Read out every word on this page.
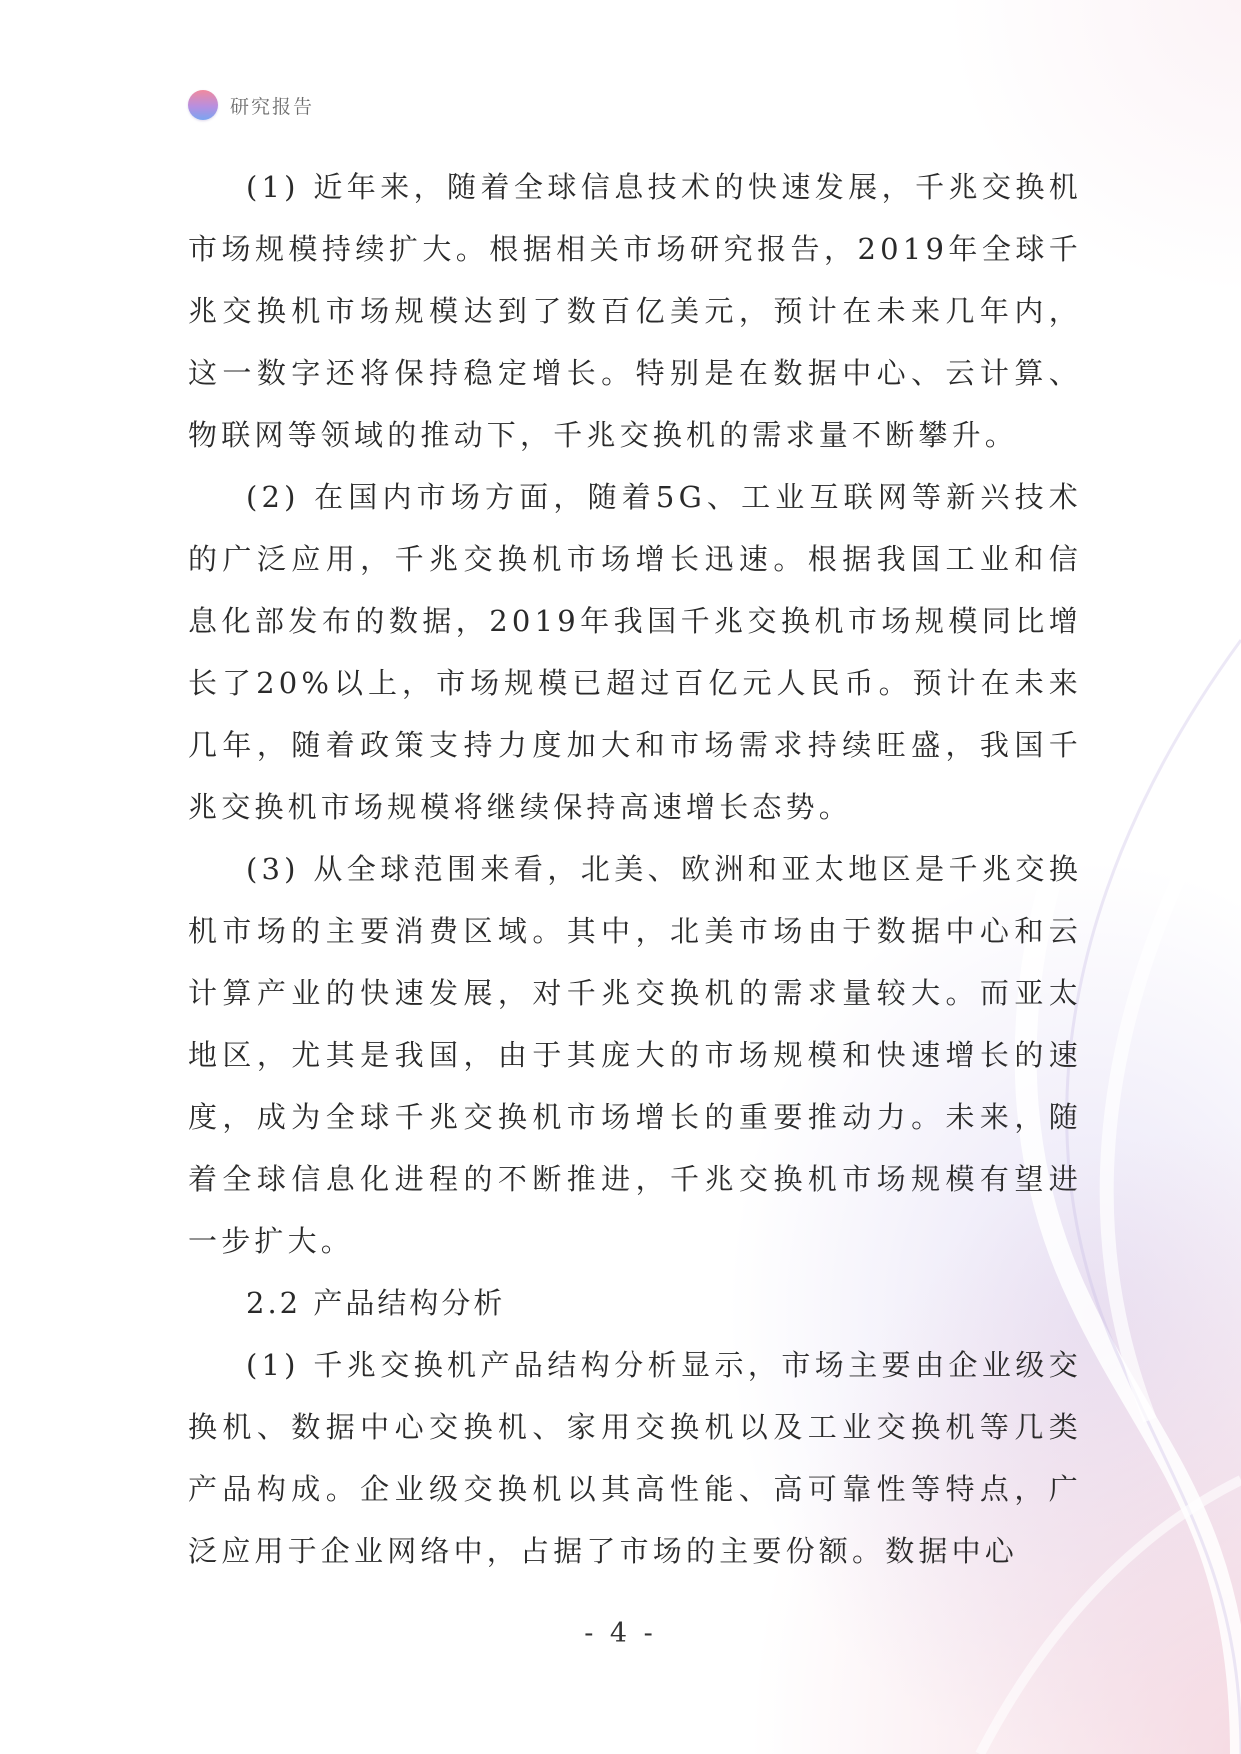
研究报告

(1) 近年来，随着全球信息技术的快速发展，千兆交换机市场规模持续扩大。根据相关市场研究报告，2019年全球千兆交换机市场规模达到了数百亿美元，预计在未来几年内，这一数字还将保持稳定增长。特别是在数据中心、云计算、物联网等领域的推动下，千兆交换机的需求量不断攀升。

(2) 在国内市场方面，随着5G、工业互联网等新兴技术的广泛应用，千兆交换机市场增长迅速。根据我国工业和信息化部发布的数据，2019年我国千兆交换机市场规模同比增长了20%以上，市场规模已超过百亿元人民币。预计在未来几年，随着政策支持力度加大和市场需求持续旺盛，我国千兆交换机市场规模将继续保持高速增长态势。

(3) 从全球范围来看，北美、欧洲和亚太地区是千兆交换机市场的主要消费区域。其中，北美市场由于数据中心和云计算产业的快速发展，对千兆交换机的需求量较大。而亚太地区，尤其是我国，由于其庞大的市场规模和快速增长的速度，成为全球千兆交换机市场增长的重要推动力。未来，随着全球信息化进程的不断推进，千兆交换机市场规模有望进一步扩大。

2.2 产品结构分析

(1) 千兆交换机产品结构分析显示，市场主要由企业级交换机、数据中心交换机、家用交换机以及工业交换机等几类产品构成。企业级交换机以其高性能、高可靠性等特点，广泛应用于企业网络中，占据了市场的主要份额。数据中心

- 4 -
